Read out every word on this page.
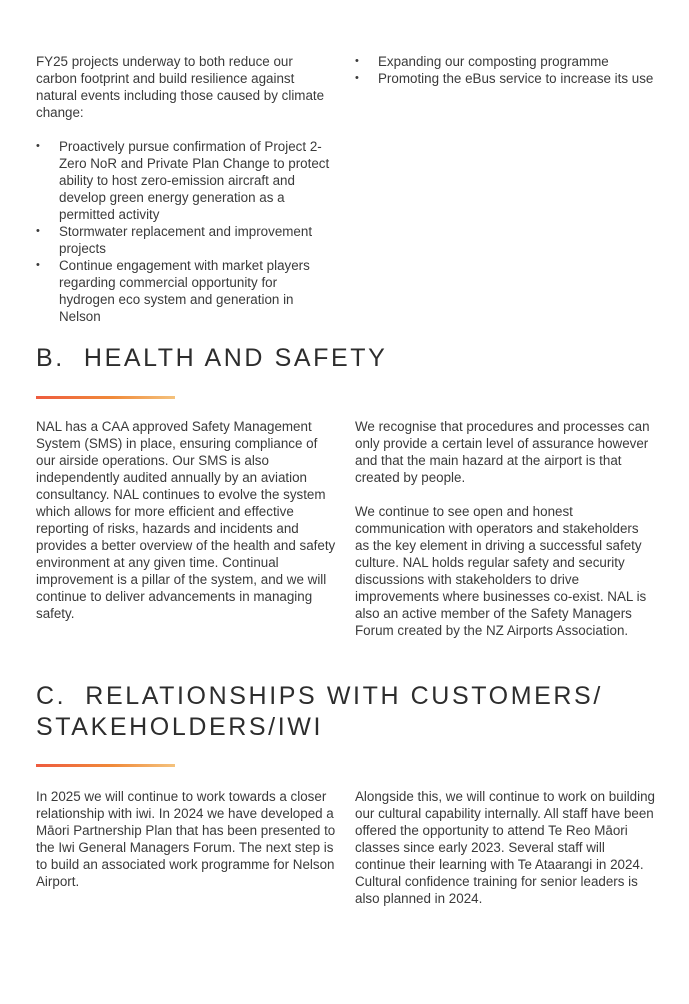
FY25 projects underway to both reduce our carbon footprint and build resilience against natural events including those caused by climate change:

• Proactively pursue confirmation of Project 2-Zero NoR and Private Plan Change to protect ability to host zero-emission aircraft and develop green energy generation as a permitted activity
• Stormwater replacement and improvement projects
• Continue engagement with market players regarding commercial opportunity for hydrogen eco system and generation in Nelson
• Expanding our composting programme
• Promoting the eBus service to increase its use
B.  HEALTH AND SAFETY

NAL has a CAA approved Safety Management System (SMS) in place, ensuring compliance of our airside operations. Our SMS is also independently audited annually by an aviation consultancy. NAL continues to evolve the system which allows for more efficient and effective reporting of risks, hazards and incidents and provides a better overview of the health and safety environment at any given time. Continual improvement is a pillar of the system, and we will continue to deliver advancements in managing safety.

We recognise that procedures and processes can only provide a certain level of assurance however and that the main hazard at the airport is that created by people.

We continue to see open and honest communication with operators and stakeholders as the key element in driving a successful safety culture. NAL holds regular safety and security discussions with stakeholders to drive improvements where businesses co-exist. NAL is also an active member of the Safety Managers Forum created by the NZ Airports Association.

C.  RELATIONSHIPS WITH CUSTOMERS/
STAKEHOLDERS/IWI

In 2025 we will continue to work towards a closer relationship with iwi. In 2024 we have developed a Māori Partnership Plan that has been presented to the Iwi General Managers Forum. The next step is to build an associated work programme for Nelson Airport.

Alongside this, we will continue to work on building our cultural capability internally. All staff have been offered the opportunity to attend Te Reo Māori classes since early 2023. Several staff will continue their learning with Te Ataarangi in 2024. Cultural confidence training for senior leaders is also planned in 2024.
